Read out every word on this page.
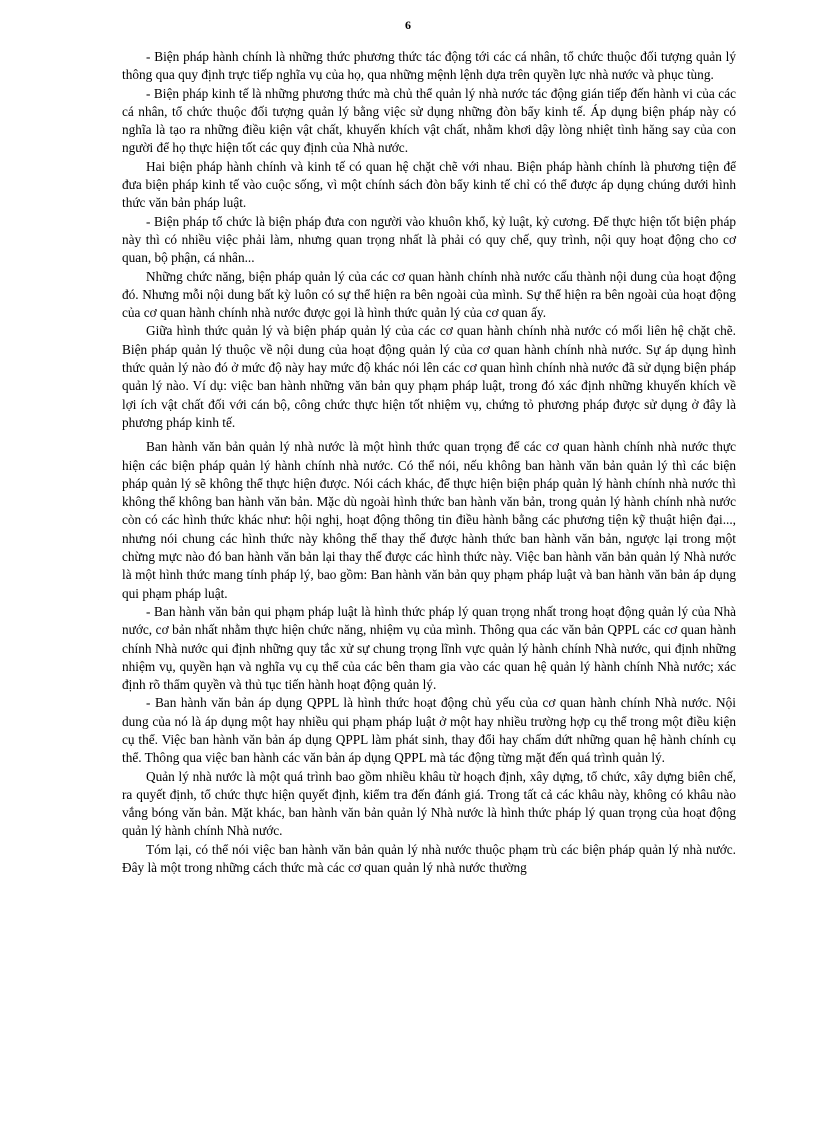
6

- Biện pháp hành chính là những thức phương thức tác động tới các cá nhân, tổ chức thuộc đối tượng quản lý thông qua quy định trực tiếp nghĩa vụ của họ, qua những mệnh lệnh dựa trên quyền lực nhà nước và phục tùng.

- Biện pháp kinh tế là những phương thức mà chủ thể quản lý nhà nước tác động gián tiếp đến hành vi của các cá nhân, tổ chức thuộc đối tượng quản lý bằng việc sử dụng những đòn bẩy kinh tế. Áp dụng biện pháp này có nghĩa là tạo ra những điều kiện vật chất, khuyến khích vật chất, nhằm khơi dậy lòng nhiệt tình hăng say của con người để họ thực hiện tốt các quy định của Nhà nước.

Hai biện pháp hành chính và kinh tế có quan hệ chặt chẽ với nhau. Biện pháp hành chính là phương tiện để đưa biện pháp kinh tế vào cuộc sống, vì một chính sách đòn bẩy kinh tế chỉ có thể được áp dụng chúng dưới hình thức văn bản pháp luật.

- Biện pháp tổ chức là biện pháp đưa con người vào khuôn khổ, kỷ luật, kỷ cương. Để thực hiện tốt biện pháp này thì có nhiều việc phải làm, nhưng quan trọng nhất là phải có quy chế, quy trình, nội quy hoạt động cho cơ quan, bộ phận, cá nhân...

Những chức năng, biện pháp quản lý của các cơ quan hành chính nhà nước cấu thành nội dung của hoạt động đó. Nhưng mỗi nội dung bất kỳ luôn có sự thể hiện ra bên ngoài của mình. Sự thể hiện ra bên ngoài của hoạt động của cơ quan hành chính nhà nước được gọi là hình thức quản lý của cơ quan ấy.

Giữa hình thức quản lý và biện pháp quản lý của các cơ quan hành chính nhà nước có mối liên hệ chặt chẽ. Biện pháp quản lý thuộc về nội dung của hoạt động quản lý của cơ quan hành chính nhà nước. Sự áp dụng hình thức quản lý nào đó ở mức độ này hay mức độ khác nói lên các cơ quan hình chính nhà nước đã sử dụng biện pháp quản lý nào. Ví dụ: việc ban hành những văn bản quy phạm pháp luật, trong đó xác định những khuyến khích về lợi ích vật chất đối với cán bộ, công chức thực hiện tốt nhiệm vụ, chứng tỏ phương pháp được sử dụng ở đây là phương pháp kinh tế.

Ban hành văn bản quản lý nhà nước là một hình thức quan trọng để các cơ quan hành chính nhà nước thực hiện các biện pháp quản lý hành chính nhà nước. Có thể nói, nếu không ban hành văn bản quản lý thì các biện pháp quản lý sẽ không thể thực hiện được. Nói cách khác, để thực hiện biện pháp quản lý hành chính nhà nước thì không thể không ban hành văn bản. Mặc dù ngoài hình thức ban hành văn bản, trong quản lý hành chính nhà nước còn có các hình thức khác như: hội nghị, hoạt động thông tin điều hành bằng các phương tiện kỹ thuật hiện đại..., nhưng nói chung các hình thức này không thể thay thế được hành thức ban hành văn bản, ngược lại trong một chừng mực nào đó ban hành văn bản lại thay thế được các hình thức này. Việc ban hành văn bản quản lý Nhà nước là một hình thức mang tính pháp lý, bao gồm: Ban hành văn bản quy phạm pháp luật và ban hành văn bản áp dụng qui phạm pháp luật.

- Ban hành văn bản qui phạm pháp luật là hình thức pháp lý quan trọng nhất trong hoạt động quản lý của Nhà nước, cơ bản nhất nhằm thực hiện chức năng, nhiệm vụ của mình. Thông qua các văn bản QPPL các cơ quan hành chính Nhà nước qui định những quy tắc xử sự chung trọng lĩnh vực quản lý hành chính Nhà nước, qui định những nhiệm vụ, quyền hạn và nghĩa vụ cụ thể của các bên tham gia vào các quan hệ quản lý hành chính Nhà nước; xác định rõ thẩm quyền và thủ tục tiến hành hoạt động quản lý.

- Ban hành văn bản áp dụng QPPL là hình thức hoạt động chủ yếu của cơ quan hành chính Nhà nước. Nội dung của nó là áp dụng một hay nhiều qui phạm pháp luật ở một hay nhiều trường hợp cụ thể trong một điều kiện cụ thể. Việc ban hành văn bản áp dụng QPPL làm phát sinh, thay đổi hay chấm dứt những quan hệ hành chính cụ thể. Thông qua việc ban hành các văn bản áp dụng QPPL mà tác động từng mặt đến quá trình quản lý.

Quản lý nhà nước là một quá trình bao gồm nhiều khâu từ hoạch định, xây dựng, tổ chức, xây dựng biên chế, ra quyết định, tổ chức thực hiện quyết định, kiểm tra đến đánh giá. Trong tất cả các khâu này, không có khâu nào vắng bóng văn bản. Mặt khác, ban hành văn bản quản lý Nhà nước là hình thức pháp lý quan trọng của hoạt động quản lý hành chính Nhà nước.

Tóm lại, có thể nói việc ban hành văn bản quản lý nhà nước thuộc phạm trù các biện pháp quản lý nhà nước. Đây là một trong những cách thức mà các cơ quan quản lý nhà nước thường
